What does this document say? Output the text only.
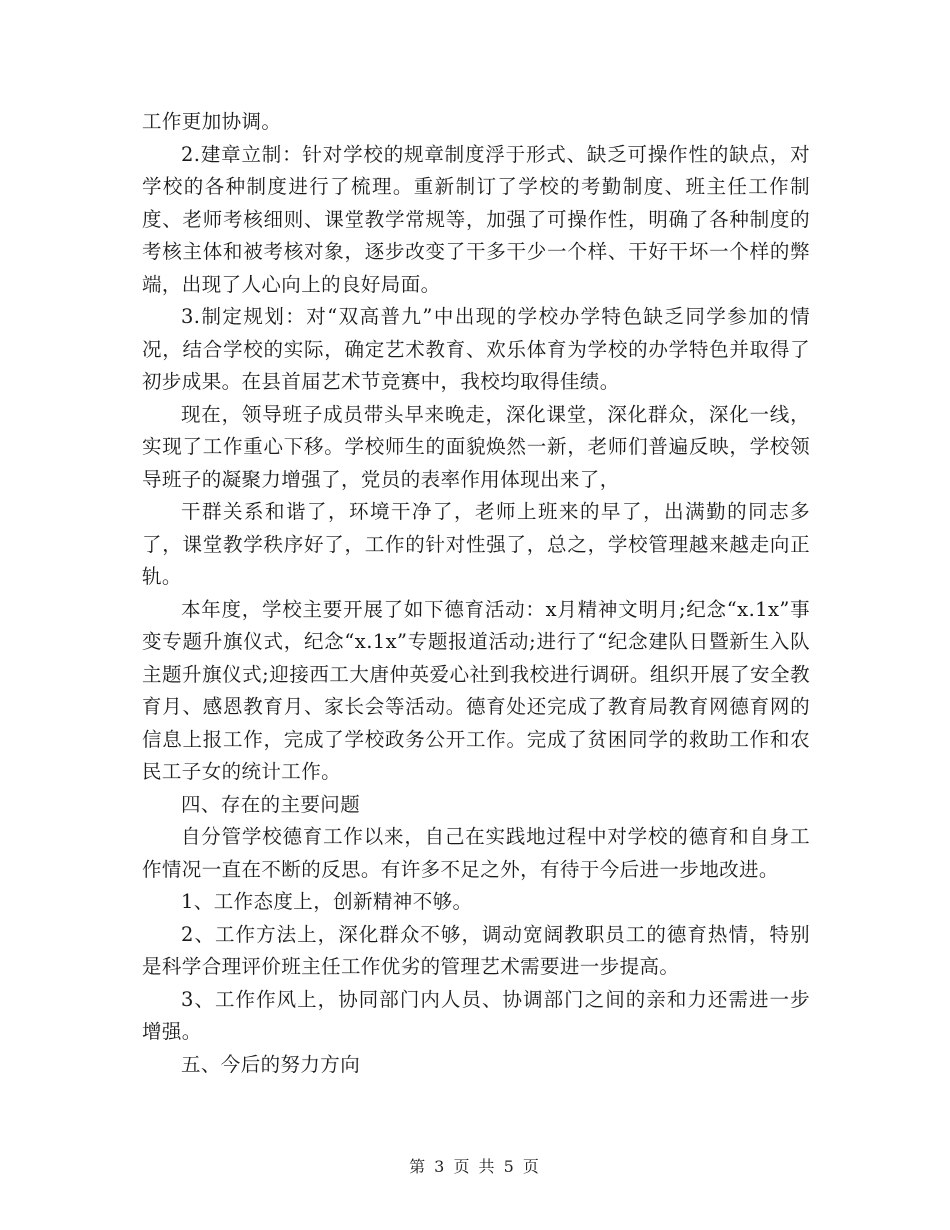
工作更加协调。

2.建章立制：针对学校的规章制度浮于形式、缺乏可操作性的缺点，对学校的各种制度进行了梳理。重新制订了学校的考勤制度、班主任工作制度、老师考核细则、课堂教学常规等，加强了可操作性，明确了各种制度的考核主体和被考核对象，逐步改变了干多干少一个样、干好干坏一个样的弊端，出现了人心向上的良好局面。

3.制定规划：对“双高普九”中出现的学校办学特色缺乏同学参加的情况，结合学校的实际，确定艺术教育、欢乐体育为学校的办学特色并取得了初步成果。在县首届艺术节竞赛中，我校均取得佳绩。

现在，领导班子成员带头早来晚走，深化课堂，深化群众，深化一线，实现了工作重心下移。学校师生的面貌焕然一新，老师们普遍反映，学校领导班子的凝聚力增强了，党员的表率作用体现出来了，

干群关系和谐了，环境干净了，老师上班来的早了，出满勤的同志多了，课堂教学秩序好了，工作的针对性强了，总之，学校管理越来越走向正轨。

本年度，学校主要开展了如下德育活动：x月精神文明月;纪念“x.1x”事变专题升旗仪式，纪念“x.1x”专题报道活动;进行了“纪念建队日暨新生入队主题升旗仪式;迎接西工大唐仲英爱心社到我校进行调研。组织开展了安全教育月、感恩教育月、家长会等活动。德育处还完成了教育局教育网德育网的信息上报工作，完成了学校政务公开工作。完成了贫困同学的救助工作和农民工子女的统计工作。

四、存在的主要问题

自分管学校德育工作以来，自己在实践地过程中对学校的德育和自身工作情况一直在不断的反思。有许多不足之外，有待于今后进一步地改进。

1、工作态度上，创新精神不够。

2、工作方法上，深化群众不够，调动宽阔教职员工的德育热情，特别是科学合理评价班主任工作优劣的管理艺术需要进一步提高。

3、工作作风上，协同部门内人员、协调部门之间的亲和力还需进一步增强。

五、今后的努力方向

第 3 页 共 5 页
